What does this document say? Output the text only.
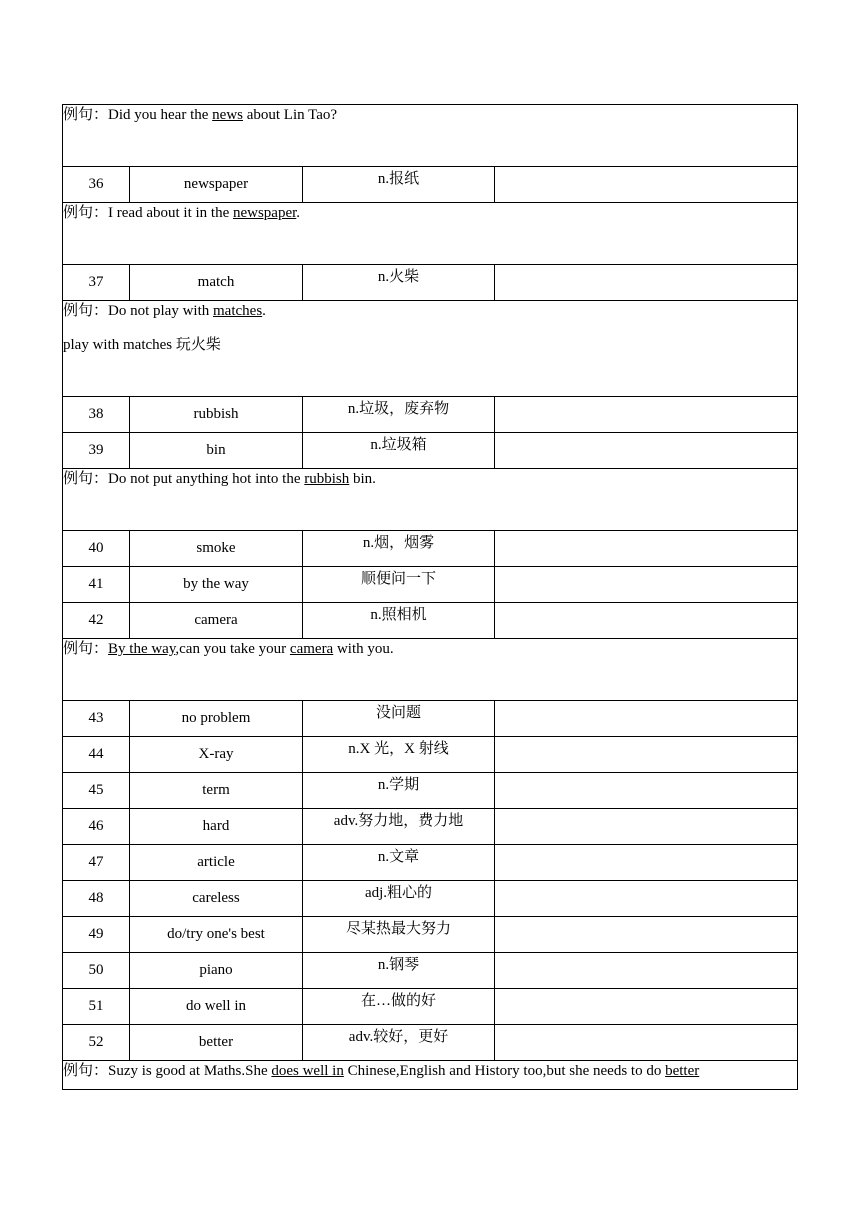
例句：Did you hear the news about Lin Tao?			

36	newspaper	n.报纸	

例句：I read about it in the newspaper.			

37	match	n.火柴	

例句：Do not play with matches.

play with matches 玩火柴			

38	rubbish	n.垃圾，废弃物	
39	bin	n.垃圾箱	

例句：Do not put anything hot into the rubbish bin.			

40	smoke	n.烟，烟雾	
41	by the way	顺便问一下	
42	camera	n.照相机	

例句：By the way,can you take your camera with you.			

43	no problem	没问题	
44	X-ray	n.X 光，X 射线	
45	term	n.学期	
46	hard	adv.努力地，费力地	
47	article	n.文章	
48	careless	adj.粗心的	
49	do/try one's best	尽某热最大努力	
50	piano	n.钢琴	
51	do well in	在…做的好	
52	better	adv.较好，更好	

例句：Suzy is good at Maths.She does well in Chinese,English and History too,but she needs to do better			
